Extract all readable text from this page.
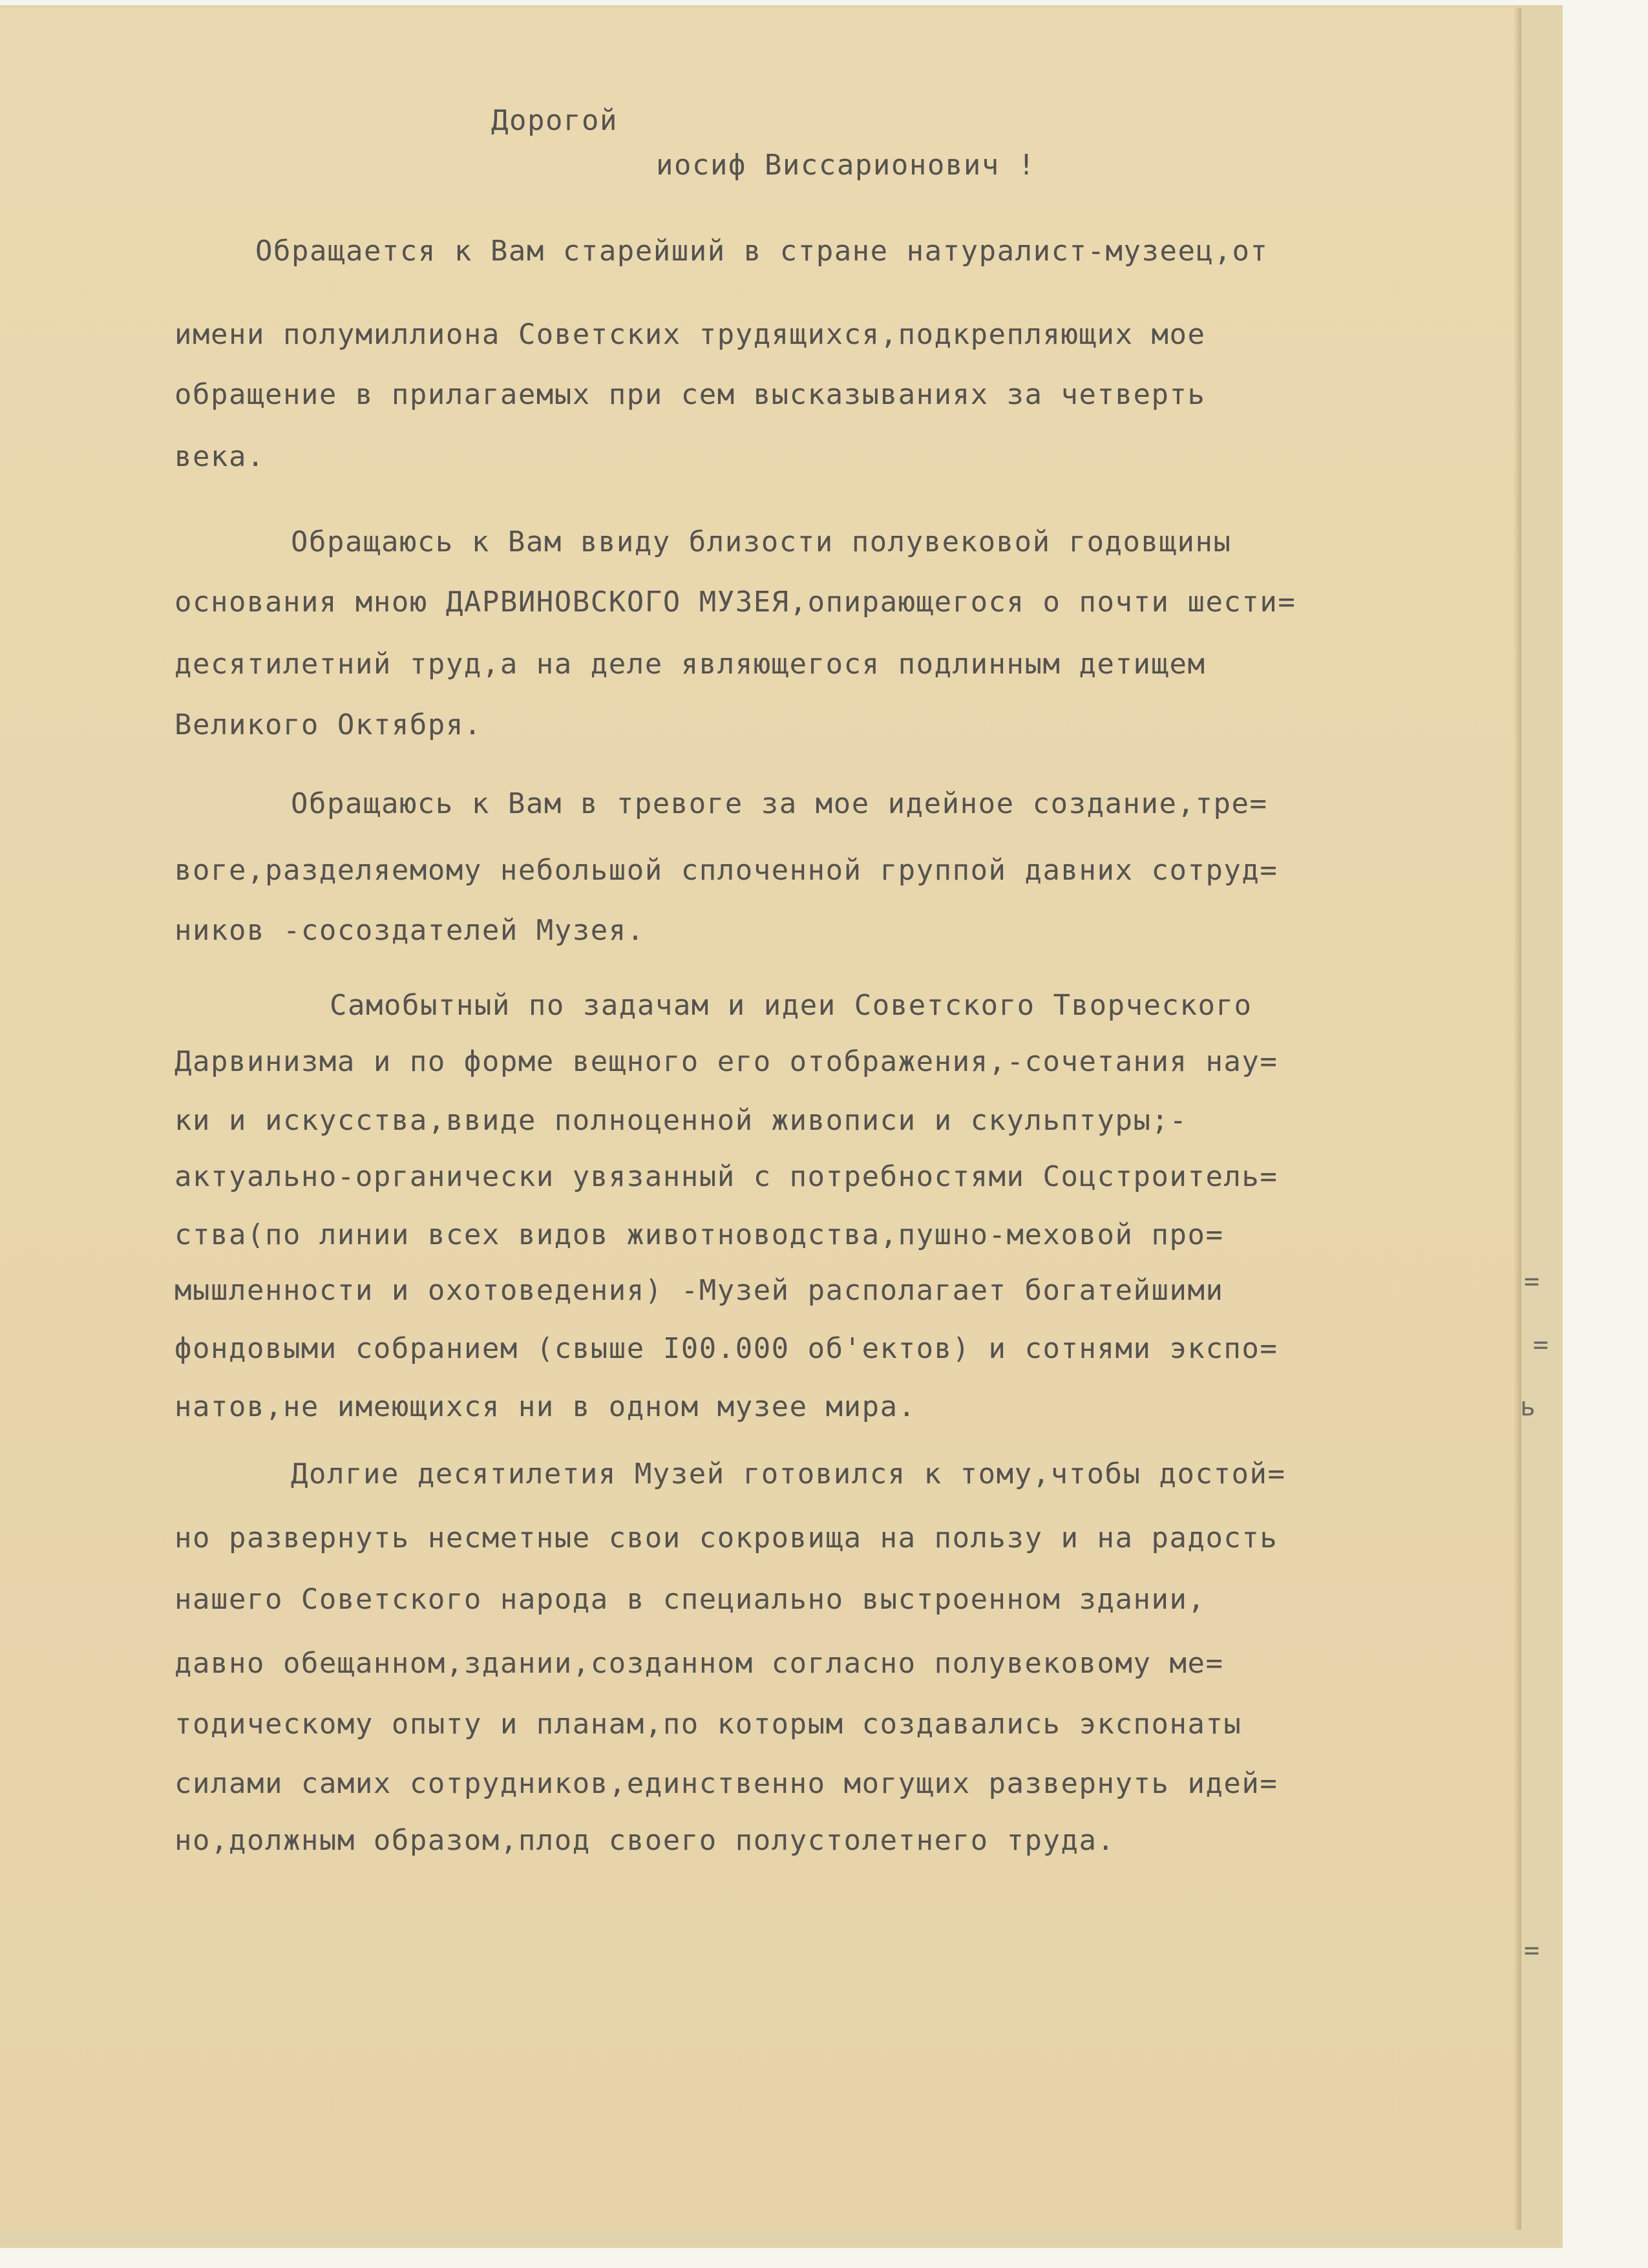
Дорогой
иосиф Виссарионович !
Обращается к Вам старейший в стране натуралист-музеец,от
имени полумиллиона Советских трудящихся,подкрепляющих мое
обращение в прилагаемых при сем высказываниях за четверть
века.
Обращаюсь к Вам ввиду близости полувековой годовщины
основания мною ДАРВИНОВСКОГО МУЗЕЯ,опирающегося о почти шести=
десятилетний труд,а на деле являющегося подлинным детищем
Великого Октября.
Обращаюсь к Вам в тревоге за мое идейное создание,тре=
воге,разделяемому небольшой сплоченной группой давних сотруд=
ников -сосоздателей Музея.
Самобытный по задачам и идеи Советского Творческого
Дарвинизма и по форме вещного его отображения,-сочетания нау=
ки и искусства,ввиде полноценной живописи и скульптуры;-
актуально-органически увязанный с потребностями Соцстроитель=
ства(по линии всех видов животноводства,пушно-меховой про=
мышленности и охотоведения) -Музей располагает богатейшими
фондовыми собранием (свыше I00.000 об'ектов) и сотнями экспо=
натов,не имеющихся ни в одном музее мира.
Долгие десятилетия Музей готовился к тому,чтобы достой=
но развернуть несметные свои сокровища на пользу и на радость
нашего Советского народа в специально выстроенном здании,
давно обещанном,здании,созданном согласно полувековому ме=
тодическому опыту и планам,по которым создавались экспонаты
силами самих сотрудников,единственно могущих развернуть идей=
но,должным образом,плод своего полустолетнего труда.
=
=
ь
=
